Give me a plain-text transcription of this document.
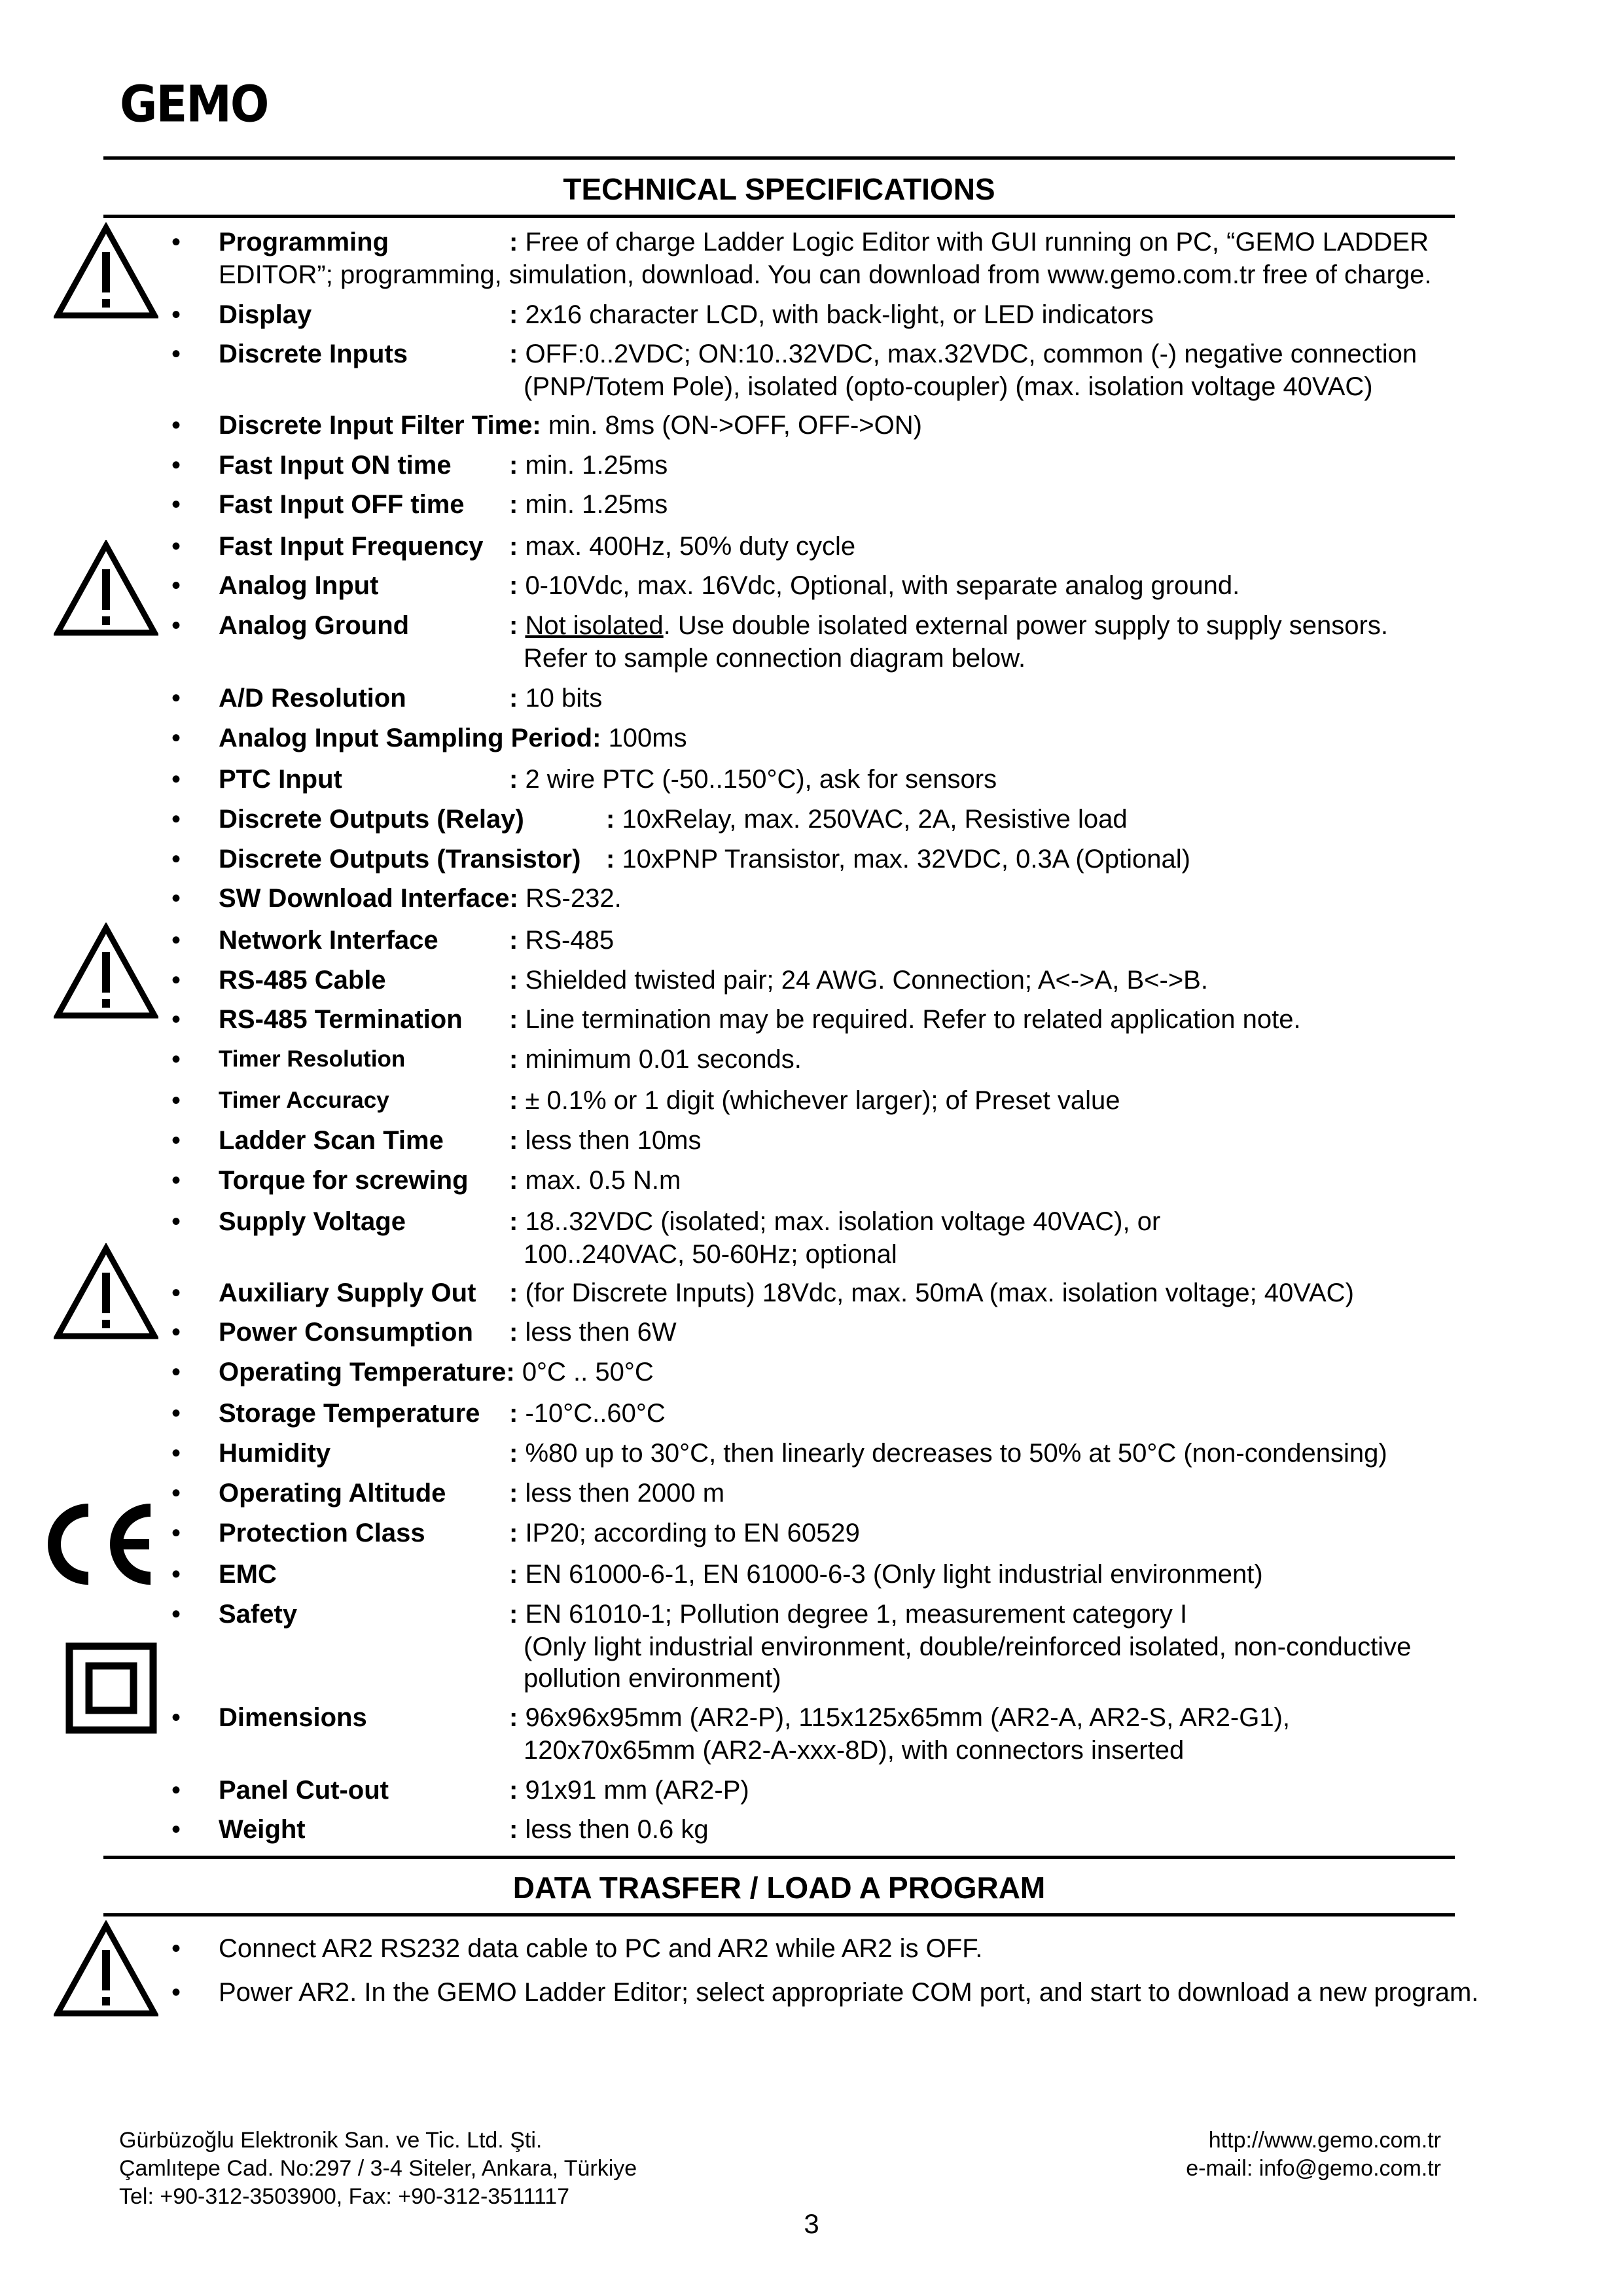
GEMO
TECHNICAL SPECIFICATIONS
• Programming	: Free of charge Ladder Logic Editor with GUI running on PC, “GEMO LADDER
EDITOR”; programming, simulation, download. You can download from www.gemo.com.tr free of charge.
• Display	: 2x16 character LCD, with back-light, or LED indicators
• Discrete Inputs	: OFF:0..2VDC; ON:10..32VDC, max.32VDC, common (-) negative connection
(PNP/Totem Pole), isolated (opto-coupler) (max. isolation voltage 40VAC)
• Discrete Input Filter Time: min. 8ms (ON->OFF, OFF->ON)
• Fast Input ON time : min. 1.25ms
• Fast Input OFF time : min. 1.25ms
• Fast Input Frequency : max. 400Hz, 50% duty cycle
• Analog Input	: 0-10Vdc, max. 16Vdc, Optional, with separate analog ground.
• Analog Ground	: Not isolated. Use double isolated external power supply to supply sensors.
Refer to sample connection diagram below.
• A/D Resolution	: 10 bits
• Analog Input Sampling Period: 100ms
• PTC Input	: 2 wire PTC (-50..150°C), ask for sensors
• Discrete Outputs (Relay)	: 10xRelay, max. 250VAC, 2A, Resistive load
• Discrete Outputs (Transistor) : 10xPNP Transistor, max. 32VDC, 0.3A (Optional)
• SW Download Interface: RS-232.
• Network Interface	: RS-485
• RS-485 Cable	: Shielded twisted pair; 24 AWG. Connection; A<->A, B<->B.
• RS-485 Termination : Line termination may be required. Refer to related application note.
• Timer Resolution	: minimum 0.01 seconds.
• Timer Accuracy	: ± 0.1% or 1 digit (whichever larger); of Preset value
• Ladder Scan Time	: less then 10ms
• Torque for screwing : max. 0.5 N.m
• Supply Voltage	: 18..32VDC (isolated; max. isolation voltage 40VAC), or
100..240VAC, 50-60Hz; optional
• Auxiliary Supply Out : (for Discrete Inputs) 18Vdc, max. 50mA (max. isolation voltage; 40VAC)
• Power Consumption : less then 6W
• Operating Temperature: 0°C .. 50°C
• Storage Temperature : -10°C..60°C
• Humidity	: %80 up to 30°C, then linearly decreases to 50% at 50°C (non-condensing)
• Operating Altitude : less then 2000 m
• Protection Class	: IP20; according to EN 60529
• EMC	: EN 61000-6-1, EN 61000-6-3 (Only light industrial environment)
• Safety	: EN 61010-1; Pollution degree 1, measurement category I
(Only light industrial environment, double/reinforced isolated, non-conductive
pollution environment)
• Dimensions	: 96x96x95mm (AR2-P), 115x125x65mm (AR2-A, AR2-S, AR2-G1),
120x70x65mm (AR2-A-xxx-8D), with connectors inserted
• Panel Cut-out	: 91x91 mm (AR2-P)
• Weight	: less then 0.6 kg
DATA TRASFER / LOAD A PROGRAM
• Connect AR2 RS232 data cable to PC and AR2 while AR2 is OFF.
• Power AR2. In the GEMO Ladder Editor; select appropriate COM port, and start to download a new program.
Gürbüzoğlu Elektronik San. ve Tic. Ltd. Şti.
Çamlıtepe Cad. No:297 / 3-4 Siteler, Ankara, Türkiye
Tel: +90-312-3503900, Fax: +90-312-3511117
http://www.gemo.com.tr
e-mail: info@gemo.com.tr
3
